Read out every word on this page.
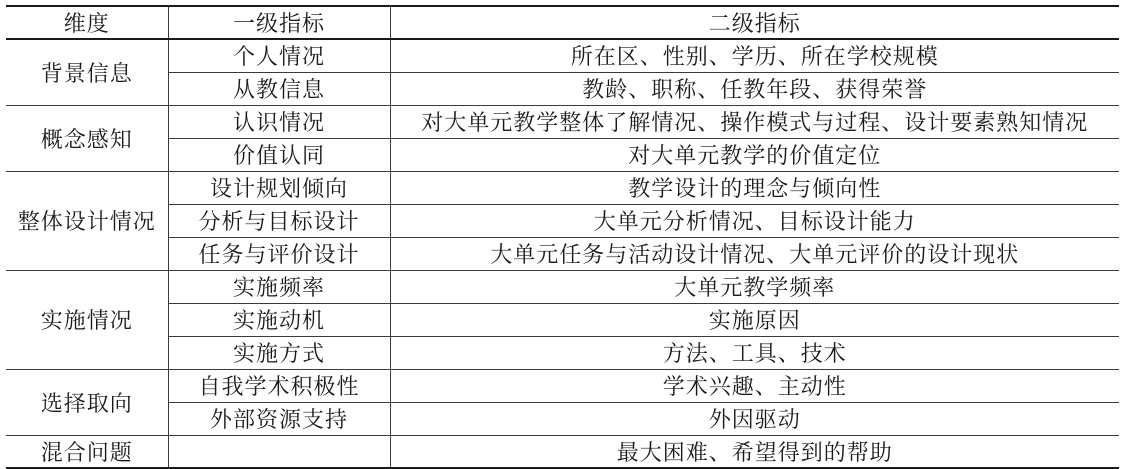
维度	一级指标	二级指标
背景信息	个人情况	所在区、性别、学历、所在学校规模
	从教信息	教龄、职称、任教年段、获得荣誉
概念感知	认识情况	对大单元教学整体了解情况、操作模式与过程、设计要素熟知情况
	价值认同	对大单元教学的价值定位
整体设计情况	设计规划倾向	教学设计的理念与倾向性
	分析与目标设计	大单元分析情况、目标设计能力
	任务与评价设计	大单元任务与活动设计情况、大单元评价的设计现状
实施情况	实施频率	大单元教学频率
	实施动机	实施原因
	实施方式	方法、工具、技术
选择取向	自我学术积极性	学术兴趣、主动性
	外部资源支持	外因驱动
混合问题		最大困难、希望得到的帮助
